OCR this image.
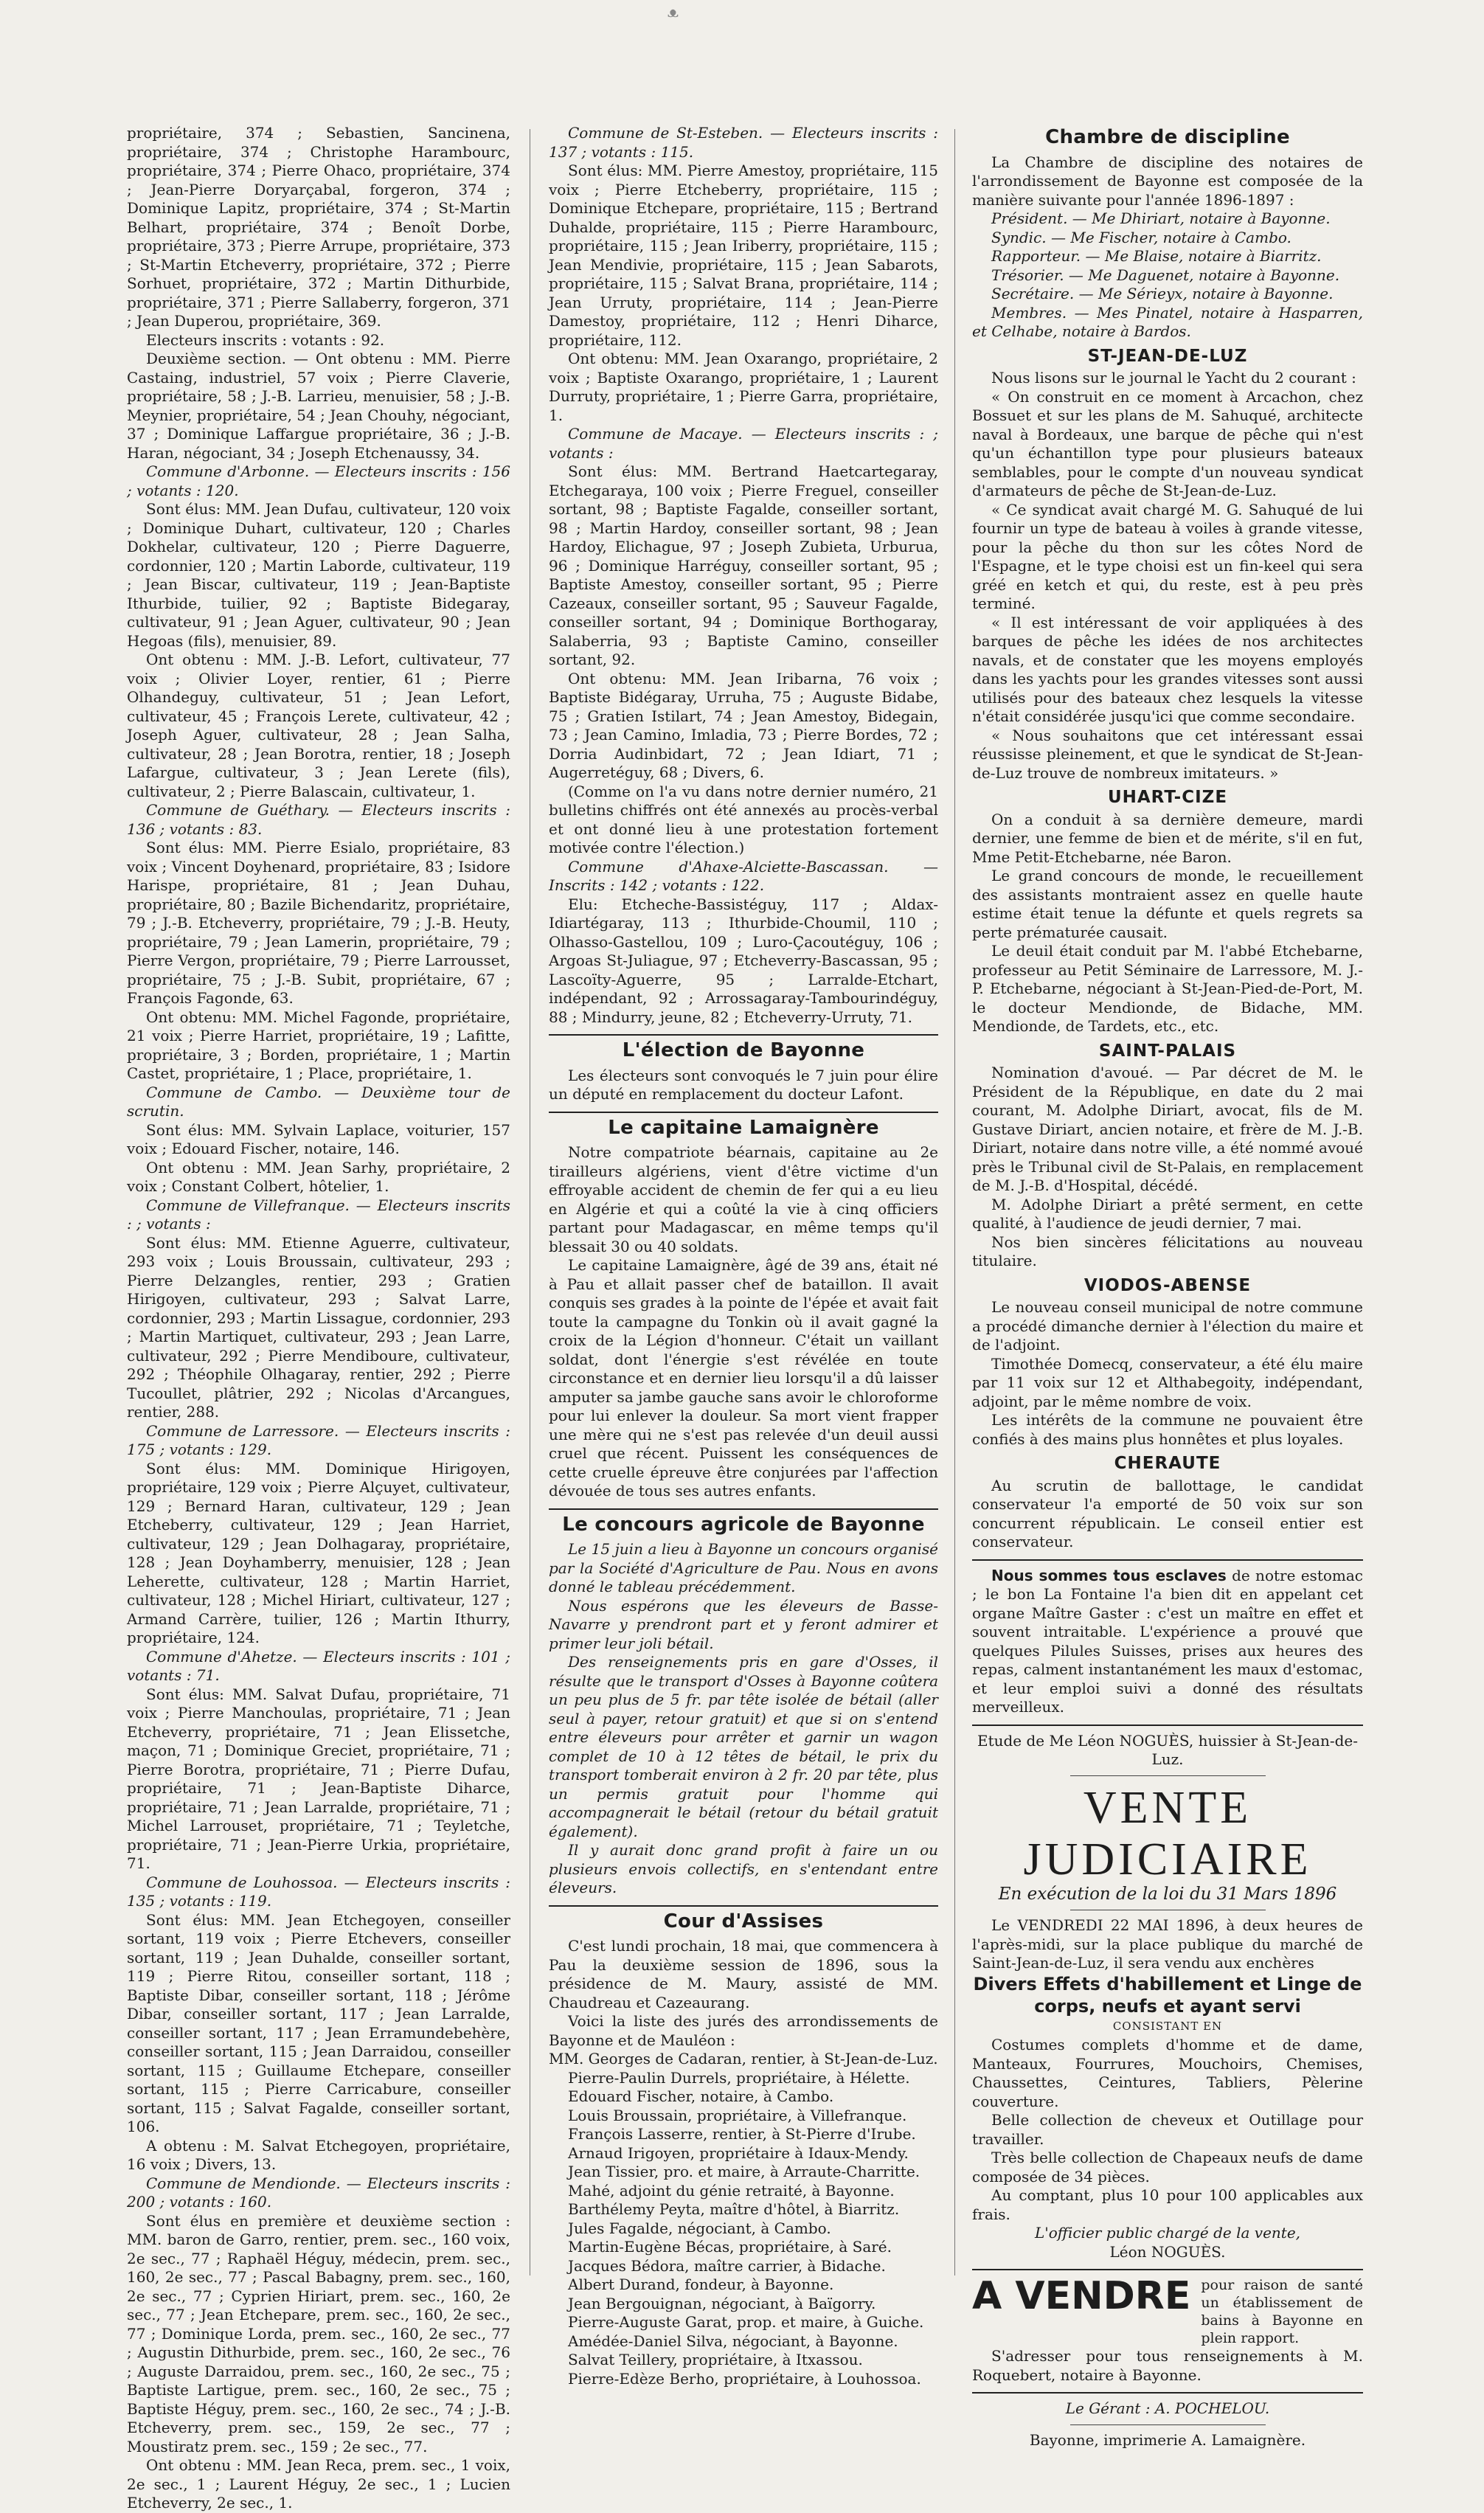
ᴥ

propriétaire, 374 ; Sebastien, Sancinena, propriétaire, 374 ; Christophe Harambourc, propriétaire, 374 ; Pierre Ohaco, propriétaire, 374 ; Jean-Pierre Doryarçabal, forgeron, 374 ; Dominique Lapitz, propriétaire, 374 ; St-Martin Belhart, propriétaire, 374 ; Benoît Dorbe, propriétaire, 373 ; Pierre Arrupe, propriétaire, 373 ; St-Martin Etcheverry, propriétaire, 372 ; Pierre Sorhuet, propriétaire, 372 ; Martin Dithurbide, propriétaire, 371 ; Pierre Sallaberry, forgeron, 371 ; Jean Duperou, propriétaire, 369.

Electeurs inscrits : votants : 92.

Deuxième section. — Ont obtenu : MM. Pierre Castaing, industriel, 57 voix ; Pierre Claverie, propriétaire, 58 ; J.-B. Larrieu, menuisier, 58 ; J.-B. Meynier, propriétaire, 54 ; Jean Chouhy, négociant, 37 ; Dominique Laffargue propriétaire, 36 ; J.-B. Haran, négociant, 34 ; Joseph Etchenaussy, 34.

Commune d'Arbonne. — Electeurs inscrits : 156 ; votants : 120.

Sont élus: MM. Jean Dufau, cultivateur, 120 voix ; Dominique Duhart, cultivateur, 120 ; Charles Dokhelar, cultivateur, 120 ; Pierre Daguerre, cordonnier, 120 ; Martin Laborde, cultivateur, 119 ; Jean Biscar, cultivateur, 119 ; Jean-Baptiste Ithurbide, tuilier, 92 ; Baptiste Bidegaray, cultivateur, 91 ; Jean Aguer, cultivateur, 90 ; Jean Hegoas (fils), menuisier, 89.

Ont obtenu : MM. J.-B. Lefort, cultivateur, 77 voix ; Olivier Loyer, rentier, 61 ; Pierre Olhandeguy, cultivateur, 51 ; Jean Lefort, cultivateur, 45 ; François Lerete, cultivateur, 42 ; Joseph Aguer, cultivateur, 28 ; Jean Salha, cultivateur, 28 ; Jean Borotra, rentier, 18 ; Joseph Lafargue, cultivateur, 3 ; Jean Lerete (fils), cultivateur, 2 ; Pierre Balascain, cultivateur, 1.

Commune de Guéthary. — Electeurs inscrits : 136 ; votants : 83.

Sont élus: MM. Pierre Esialo, propriétaire, 83 voix ; Vincent Doyhenard, propriétaire, 83 ; Isidore Harispe, propriétaire, 81 ; Jean Duhau, propriétaire, 80 ; Bazile Bichendaritz, propriétaire, 79 ; J.-B. Etcheverry, propriétaire, 79 ; J.-B. Heuty, propriétaire, 79 ; Jean Lamerin, propriétaire, 79 ; Pierre Vergon, propriétaire, 79 ; Pierre Larrousset, propriétaire, 75 ; J.-B. Subit, propriétaire, 67 ; François Fagonde, 63.

Ont obtenu: MM. Michel Fagonde, propriétaire, 21 voix ; Pierre Harriet, propriétaire, 19 ; Lafitte, propriétaire, 3 ; Borden, propriétaire, 1 ; Martin Castet, propriétaire, 1 ; Place, propriétaire, 1.

Commune de Cambo. — Deuxième tour de scrutin.

Sont élus: MM. Sylvain Laplace, voiturier, 157 voix ; Edouard Fischer, notaire, 146.

Ont obtenu : MM. Jean Sarhy, propriétaire, 2 voix ; Constant Colbert, hôtelier, 1.

Commune de Villefranque. — Electeurs inscrits : ; votants :

Sont élus: MM. Etienne Aguerre, cultivateur, 293 voix ; Louis Broussain, cultivateur, 293 ; Pierre Delzangles, rentier, 293 ; Gratien Hirigoyen, cultivateur, 293 ; Salvat Larre, cordonnier, 293 ; Martin Lissague, cordonnier, 293 ; Martin Martiquet, cultivateur, 293 ; Jean Larre, cultivateur, 292 ; Pierre Mendiboure, cultivateur, 292 ; Théophile Olhagaray, rentier, 292 ; Pierre Tucoullet, plâtrier, 292 ; Nicolas d'Arcangues, rentier, 288.

Commune de Larressore. — Electeurs inscrits : 175 ; votants : 129.

Sont élus: MM. Dominique Hirigoyen, propriétaire, 129 voix ; Pierre Alçuyet, cultivateur, 129 ; Bernard Haran, cultivateur, 129 ; Jean Etcheberry, cultivateur, 129 ; Jean Harriet, cultivateur, 129 ; Jean Dolhagaray, propriétaire, 128 ; Jean Doyhamberry, menuisier, 128 ; Jean Leherette, cultivateur, 128 ; Martin Harriet, cultivateur, 128 ; Michel Hiriart, cultivateur, 127 ; Armand Carrère, tuilier, 126 ; Martin Ithurry, propriétaire, 124.

Commune d'Ahetze. — Electeurs inscrits : 101 ; votants : 71.

Sont élus: MM. Salvat Dufau, propriétaire, 71 voix ; Pierre Manchoulas, propriétaire, 71 ; Jean Etcheverry, propriétaire, 71 ; Jean Elissetche, maçon, 71 ; Dominique Greciet, propriétaire, 71 ; Pierre Borotra, propriétaire, 71 ; Pierre Dufau, propriétaire, 71 ; Jean-Baptiste Diharce, propriétaire, 71 ; Jean Larralde, propriétaire, 71 ; Michel Larrouset, propriétaire, 71 ; Teyletche, propriétaire, 71 ; Jean-Pierre Urkia, propriétaire, 71.

Commune de Louhossoa. — Electeurs inscrits : 135 ; votants : 119.

Sont élus: MM. Jean Etchegoyen, conseiller sortant, 119 voix ; Pierre Etchevers, conseiller sortant, 119 ; Jean Duhalde, conseiller sortant, 119 ; Pierre Ritou, conseiller sortant, 118 ; Baptiste Dibar, conseiller sortant, 118 ; Jérôme Dibar, conseiller sortant, 117 ; Jean Larralde, conseiller sortant, 117 ; Jean Erramundebehère, conseiller sortant, 115 ; Jean Darraidou, conseiller sortant, 115 ; Guillaume Etchepare, conseiller sortant, 115 ; Pierre Carricabure, conseiller sortant, 115 ; Salvat Fagalde, conseiller sortant, 106.

A obtenu : M. Salvat Etchegoyen, propriétaire, 16 voix ; Divers, 13.

Commune de Mendionde. — Electeurs inscrits : 200 ; votants : 160.

Sont élus en première et deuxième section : MM. baron de Garro, rentier, prem. sec., 160 voix, 2e sec., 77 ; Raphaël Héguy, médecin, prem. sec., 160, 2e sec., 77 ; Pascal Babagny, prem. sec., 160, 2e sec., 77 ; Cyprien Hiriart, prem. sec., 160, 2e sec., 77 ; Jean Etchepare, prem. sec., 160, 2e sec., 77 ; Dominique Lorda, prem. sec., 160, 2e sec., 77 ; Augustin Dithurbide, prem. sec., 160, 2e sec., 76 ; Auguste Darraidou, prem. sec., 160, 2e sec., 75 ; Baptiste Lartigue, prem. sec., 160, 2e sec., 75 ; Baptiste Héguy, prem. sec., 160, 2e sec., 74 ; J.-B. Etcheverry, prem. sec., 159, 2e sec., 77 ; Moustiratz prem. sec., 159 ; 2e sec., 77.

Ont obtenu : MM. Jean Reca, prem. sec., 1 voix, 2e sec., 1 ; Laurent Héguy, 2e sec., 1 ; Lucien Etcheverry, 2e sec., 1.

Commune de St-Esteben. — Electeurs inscrits : 137 ; votants : 115.

Sont élus: MM. Pierre Amestoy, propriétaire, 115 voix ; Pierre Etcheberry, propriétaire, 115 ; Dominique Etchepare, propriétaire, 115 ; Bertrand Duhalde, propriétaire, 115 ; Pierre Harambourc, propriétaire, 115 ; Jean Iriberry, propriétaire, 115 ; Jean Mendivie, propriétaire, 115 ; Jean Sabarots, propriétaire, 115 ; Salvat Brana, propriétaire, 114 ; Jean Urruty, propriétaire, 114 ; Jean-Pierre Damestoy, propriétaire, 112 ; Henri Diharce, propriétaire, 112.

Ont obtenu: MM. Jean Oxarango, propriétaire, 2 voix ; Baptiste Oxarango, propriétaire, 1 ; Laurent Durruty, propriétaire, 1 ; Pierre Garra, propriétaire, 1.

Commune de Macaye. — Electeurs inscrits : ; votants :

Sont élus: MM. Bertrand Haetcartegaray, Etchegaraya, 100 voix ; Pierre Freguel, conseiller sortant, 98 ; Baptiste Fagalde, conseiller sortant, 98 ; Martin Hardoy, conseiller sortant, 98 ; Jean Hardoy, Elichague, 97 ; Joseph Zubieta, Urburua, 96 ; Dominique Harréguy, conseiller sortant, 95 ; Baptiste Amestoy, conseiller sortant, 95 ; Pierre Cazeaux, conseiller sortant, 95 ; Sauveur Fagalde, conseiller sortant, 94 ; Dominique Borthogaray, Salaberria, 93 ; Baptiste Camino, conseiller sortant, 92.

Ont obtenu: MM. Jean Iribarna, 76 voix ; Baptiste Bidégaray, Urruha, 75 ; Auguste Bidabe, 75 ; Gratien Istilart, 74 ; Jean Amestoy, Bidegain, 73 ; Jean Camino, Imladia, 73 ; Pierre Bordes, 72 ; Dorria Audinbidart, 72 ; Jean Idiart, 71 ; Augerretéguy, 68 ; Divers, 6.

(Comme on l'a vu dans notre dernier numéro, 21 bulletins chiffrés ont été annexés au procès-verbal et ont donné lieu à une protestation fortement motivée contre l'élection.)

Commune d'Ahaxe-Alciette-Bascassan. — Inscrits : 142 ; votants : 122.

Elu: Etcheche-Bassistéguy, 117 ; Aldax-Idiartégaray, 113 ; Ithurbide-Choumil, 110 ; Olhasso-Gastellou, 109 ; Luro-Çacoutéguy, 106 ; Argoas St-Juliague, 97 ; Etcheverry-Bascassan, 95 ; Lascoïty-Aguerre, 95 ; Larralde-Etchart, indépendant, 92 ; Arrossagaray-Tambourindéguy, 88 ; Mindurry, jeune, 82 ; Etcheverry-Urruty, 71.

L'élection de Bayonne

Les électeurs sont convoqués le 7 juin pour élire un député en remplacement du docteur Lafont.

Le capitaine Lamaignère

Notre compatriote béarnais, capitaine au 2e tirailleurs algériens, vient d'être victime d'un effroyable accident de chemin de fer qui a eu lieu en Algérie et qui a coûté la vie à cinq officiers partant pour Madagascar, en même temps qu'il blessait 30 ou 40 soldats.

Le capitaine Lamaignère, âgé de 39 ans, était né à Pau et allait passer chef de bataillon. Il avait conquis ses grades à la pointe de l'épée et avait fait toute la campagne du Tonkin où il avait gagné la croix de la Légion d'honneur. C'était un vaillant soldat, dont l'énergie s'est révélée en toute circonstance et en dernier lieu lorsqu'il a dû laisser amputer sa jambe gauche sans avoir le chloroforme pour lui enlever la douleur. Sa mort vient frapper une mère qui ne s'est pas relevée d'un deuil aussi cruel que récent. Puissent les conséquences de cette cruelle épreuve être conjurées par l'affection dévouée de tous ses autres enfants.

Le concours agricole de Bayonne

Le 15 juin a lieu à Bayonne un concours organisé par la Société d'Agriculture de Pau. Nous en avons donné le tableau précédemment.

Nous espérons que les éleveurs de Basse-Navarre y prendront part et y feront admirer et primer leur joli bétail.

Des renseignements pris en gare d'Osses, il résulte que le transport d'Osses à Bayonne coûtera un peu plus de 5 fr. par tête isolée de bétail (aller seul à payer, retour gratuit) et que si on s'entend entre éleveurs pour arrêter et garnir un wagon complet de 10 à 12 têtes de bétail, le prix du transport tomberait environ à 2 fr. 20 par tête, plus un permis gratuit pour l'homme qui accompagnerait le bétail (retour du bétail gratuit également).

Il y aurait donc grand profit à faire un ou plusieurs envois collectifs, en s'entendant entre éleveurs.

Cour d'Assises

C'est lundi prochain, 18 mai, que commencera à Pau la deuxième session de 1896, sous la présidence de M. Maury, assisté de MM. Chaudreau et Cazeaurang.

Voici la liste des jurés des arrondissements de Bayonne et de Mauléon :

MM. Georges de Cadaran, rentier, à St-Jean-de-Luz.

Pierre-Paulin Durrels, propriétaire, à Hélette.

Edouard Fischer, notaire, à Cambo.

Louis Broussain, propriétaire, à Villefranque.

François Lasserre, rentier, à St-Pierre d'Irube.

Arnaud Irigoyen, propriétaire à Idaux-Mendy.

Jean Tissier, pro. et maire, à Arraute-Charritte.

Mahé, adjoint du génie retraité, à Bayonne.

Barthélemy Peyta, maître d'hôtel, à Biarritz.

Jules Fagalde, négociant, à Cambo.

Martin-Eugène Bécas, propriétaire, à Saré.

Jacques Bédora, maître carrier, à Bidache.

Albert Durand, fondeur, à Bayonne.

Jean Bergouignan, négociant, à Baïgorry.

Pierre-Auguste Garat, prop. et maire, à Guiche.

Amédée-Daniel Silva, négociant, à Bayonne.

Salvat Teillery, propriétaire, à Itxassou.

Pierre-Edèze Berho, propriétaire, à Louhossoa.

Chambre de discipline

La Chambre de discipline des notaires de l'arrondissement de Bayonne est composée de la manière suivante pour l'année 1896-1897 :

Président. — Me Dhiriart, notaire à Bayonne.

Syndic. — Me Fischer, notaire à Cambo.

Rapporteur. — Me Blaise, notaire à Biarritz.

Trésorier. — Me Daguenet, notaire à Bayonne.

Secrétaire. — Me Sérieyx, notaire à Bayonne.

Membres. — Mes Pinatel, notaire à Hasparren, et Celhabe, notaire à Bardos.

ST-JEAN-DE-LUZ

Nous lisons sur le journal le Yacht du 2 courant :

« On construit en ce moment à Arcachon, chez Bossuet et sur les plans de M. Sahuqué, architecte naval à Bordeaux, une barque de pêche qui n'est qu'un échantillon type pour plusieurs bateaux semblables, pour le compte d'un nouveau syndicat d'armateurs de pêche de St-Jean-de-Luz.

« Ce syndicat avait chargé M. G. Sahuqué de lui fournir un type de bateau à voiles à grande vitesse, pour la pêche du thon sur les côtes Nord de l'Espagne, et le type choisi est un fin-keel qui sera gréé en ketch et qui, du reste, est à peu près terminé.

« Il est intéressant de voir appliquées à des barques de pêche les idées de nos architectes navals, et de constater que les moyens employés dans les yachts pour les grandes vitesses sont aussi utilisés pour des bateaux chez lesquels la vitesse n'était considérée jusqu'ici que comme secondaire.

« Nous souhaitons que cet intéressant essai réussisse pleinement, et que le syndicat de St-Jean-de-Luz trouve de nombreux imitateurs. »

UHART-CIZE

On a conduit à sa dernière demeure, mardi dernier, une femme de bien et de mérite, s'il en fut, Mme Petit-Etchebarne, née Baron.

Le grand concours de monde, le recueillement des assistants montraient assez en quelle haute estime était tenue la défunte et quels regrets sa perte prématurée causait.

Le deuil était conduit par M. l'abbé Etchebarne, professeur au Petit Séminaire de Larressore, M. J.-P. Etchebarne, négociant à St-Jean-Pied-de-Port, M. le docteur Mendionde, de Bidache, MM. Mendionde, de Tardets, etc., etc.

SAINT-PALAIS

Nomination d'avoué. — Par décret de M. le Président de la République, en date du 2 mai courant, M. Adolphe Diriart, avocat, fils de M. Gustave Diriart, ancien notaire, et frère de M. J.-B. Diriart, notaire dans notre ville, a été nommé avoué près le Tribunal civil de St-Palais, en remplacement de M. J.-B. d'Hospital, décédé.

M. Adolphe Diriart a prêté serment, en cette qualité, à l'audience de jeudi dernier, 7 mai.

Nos bien sincères félicitations au nouveau titulaire.

VIODOS-ABENSE

Le nouveau conseil municipal de notre commune a procédé dimanche dernier à l'élection du maire et de l'adjoint.

Timothée Domecq, conservateur, a été élu maire par 11 voix sur 12 et Althabegoity, indépendant, adjoint, par le même nombre de voix.

Les intérêts de la commune ne pouvaient être confiés à des mains plus honnêtes et plus loyales.

CHERAUTE

Au scrutin de ballottage, le candidat conservateur l'a emporté de 50 voix sur son concurrent républicain. Le conseil entier est conservateur.

Nous sommes tous esclaves de notre estomac ; le bon La Fontaine l'a bien dit en appelant cet organe Maître Gaster : c'est un maître en effet et souvent intraitable. L'expérience a prouvé que quelques Pilules Suisses, prises aux heures des repas, calment instantanément les maux d'estomac, et leur emploi suivi a donné des résultats merveilleux.

Etude de Me Léon NOGUÈS, huissier à St-Jean-de-Luz.

VENTE JUDICIAIRE

En exécution de la loi du 31 Mars 1896

Le VENDREDI 22 MAI 1896, à deux heures de l'après-midi, sur la place publique du marché de Saint-Jean-de-Luz, il sera vendu aux enchères

Divers Effets d'habillement et Linge de corps, neufs et ayant servi

CONSISTANT EN

Costumes complets d'homme et de dame, Manteaux, Fourrures, Mouchoirs, Chemises, Chaussettes, Ceintures, Tabliers, Pèlerine couverture.

Belle collection de cheveux et Outillage pour travailler.

Très belle collection de Chapeaux neufs de dame composée de 34 pièces.

Au comptant, plus 10 pour 100 applicables aux frais.

L'officier public chargé de la vente,

Léon NOGUÈS.

A VENDRE pour raison de santé un établissement de bains à Bayonne en plein rapport.

S'adresser pour tous renseignements à M. Roquebert, notaire à Bayonne.

Le Gérant : A. POCHELOU.

Bayonne, imprimerie A. Lamaignère.
